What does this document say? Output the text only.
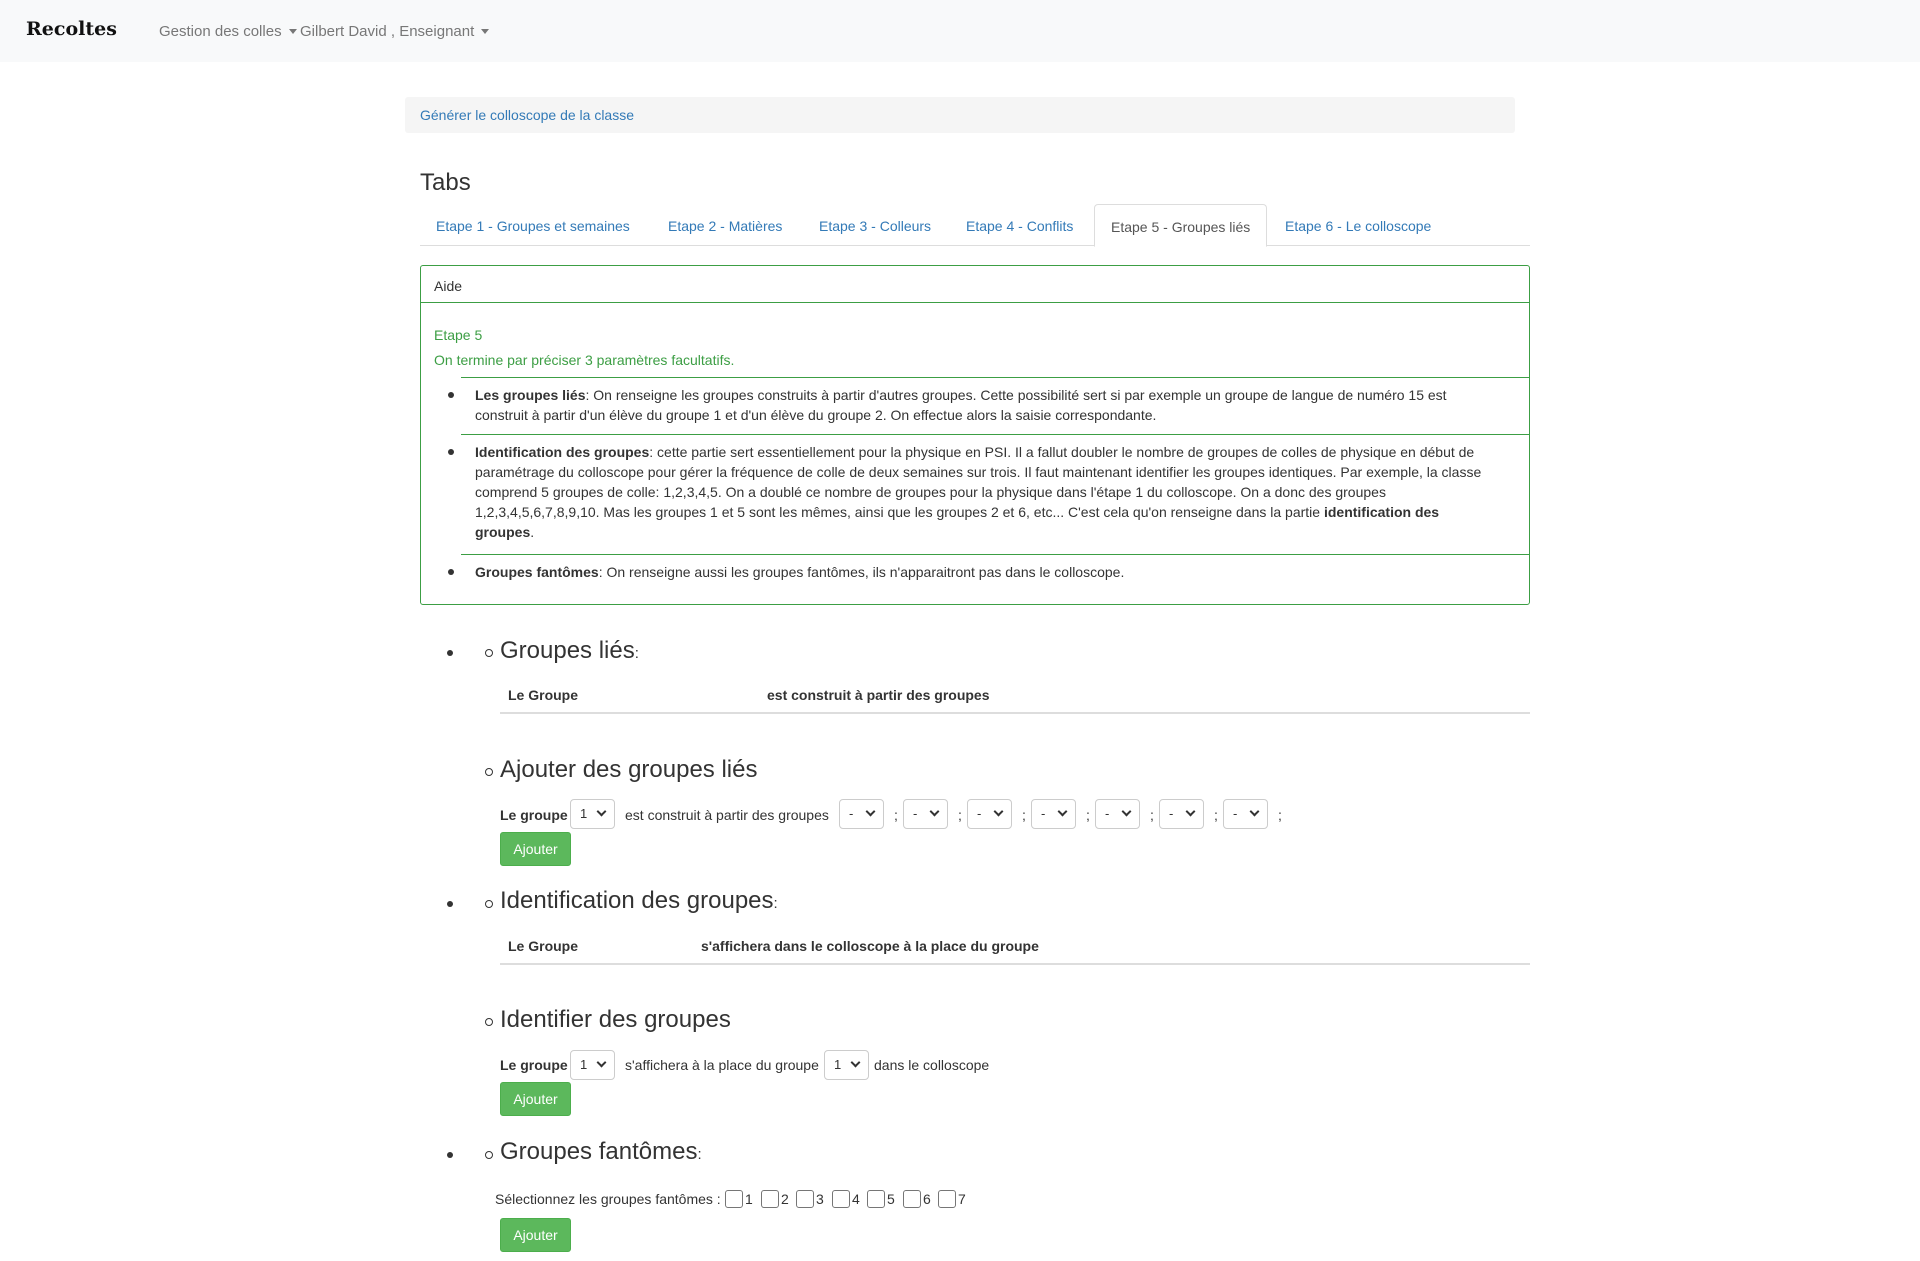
Recoltes	Gestion des colles Gilbert David , Enseignant
Générer le colloscope de la classe
Tabs
Etape 1 - Groupes et semaines	Etape 2 - Matières	Etape 3 - Colleurs	Etape 4 - Conflits	Etape 5 - Groupes liés	Etape 6 - Le colloscope
Aide
Etape 5
On termine par préciser 3 paramètres facultatifs.
Les groupes liés: On renseigne les groupes construits à partir d'autres groupes. Cette possibilité sert si par exemple un groupe de langue de numéro 15 est construit à partir d'un élève du groupe 1 et d'un élève du groupe 2. On effectue alors la saisie correspondante.
Identification des groupes: cette partie sert essentiellement pour la physique en PSI. Il a fallut doubler le nombre de groupes de colles de physique en début de paramétrage du colloscope pour gérer la fréquence de colle de deux semaines sur trois. Il faut maintenant identifier les groupes identiques. Par exemple, la classe comprend 5 groupes de colle: 1,2,3,4,5. On a doublé ce nombre de groupes pour la physique dans l'étape 1 du colloscope. On a donc des groupes 1,2,3,4,5,6,7,8,9,10. Mas les groupes 1 et 5 sont les mêmes, ainsi que les groupes 2 et 6, etc... C'est cela qu'on renseigne dans la partie identification des groupes.
Groupes fantômes: On renseigne aussi les groupes fantômes, ils n'apparaitront pas dans le colloscope.
Groupes liés:
Le Groupe	est construit à partir des groupes
Ajouter des groupes liés
Le groupe 1	est construit à partir des groupes	-	;	-	;	-	;	-	;	-	;	-	;	-	;
Ajouter
Identification des groupes:
Le Groupe	s'affichera dans le colloscope à la place du groupe
Identifier des groupes
Le groupe 1	s'affichera à la place du groupe	1	dans le colloscope
Ajouter
Groupes fantômes:
Sélectionnez les groupes fantômes : 1 2 3 4 5 6 7
Ajouter
